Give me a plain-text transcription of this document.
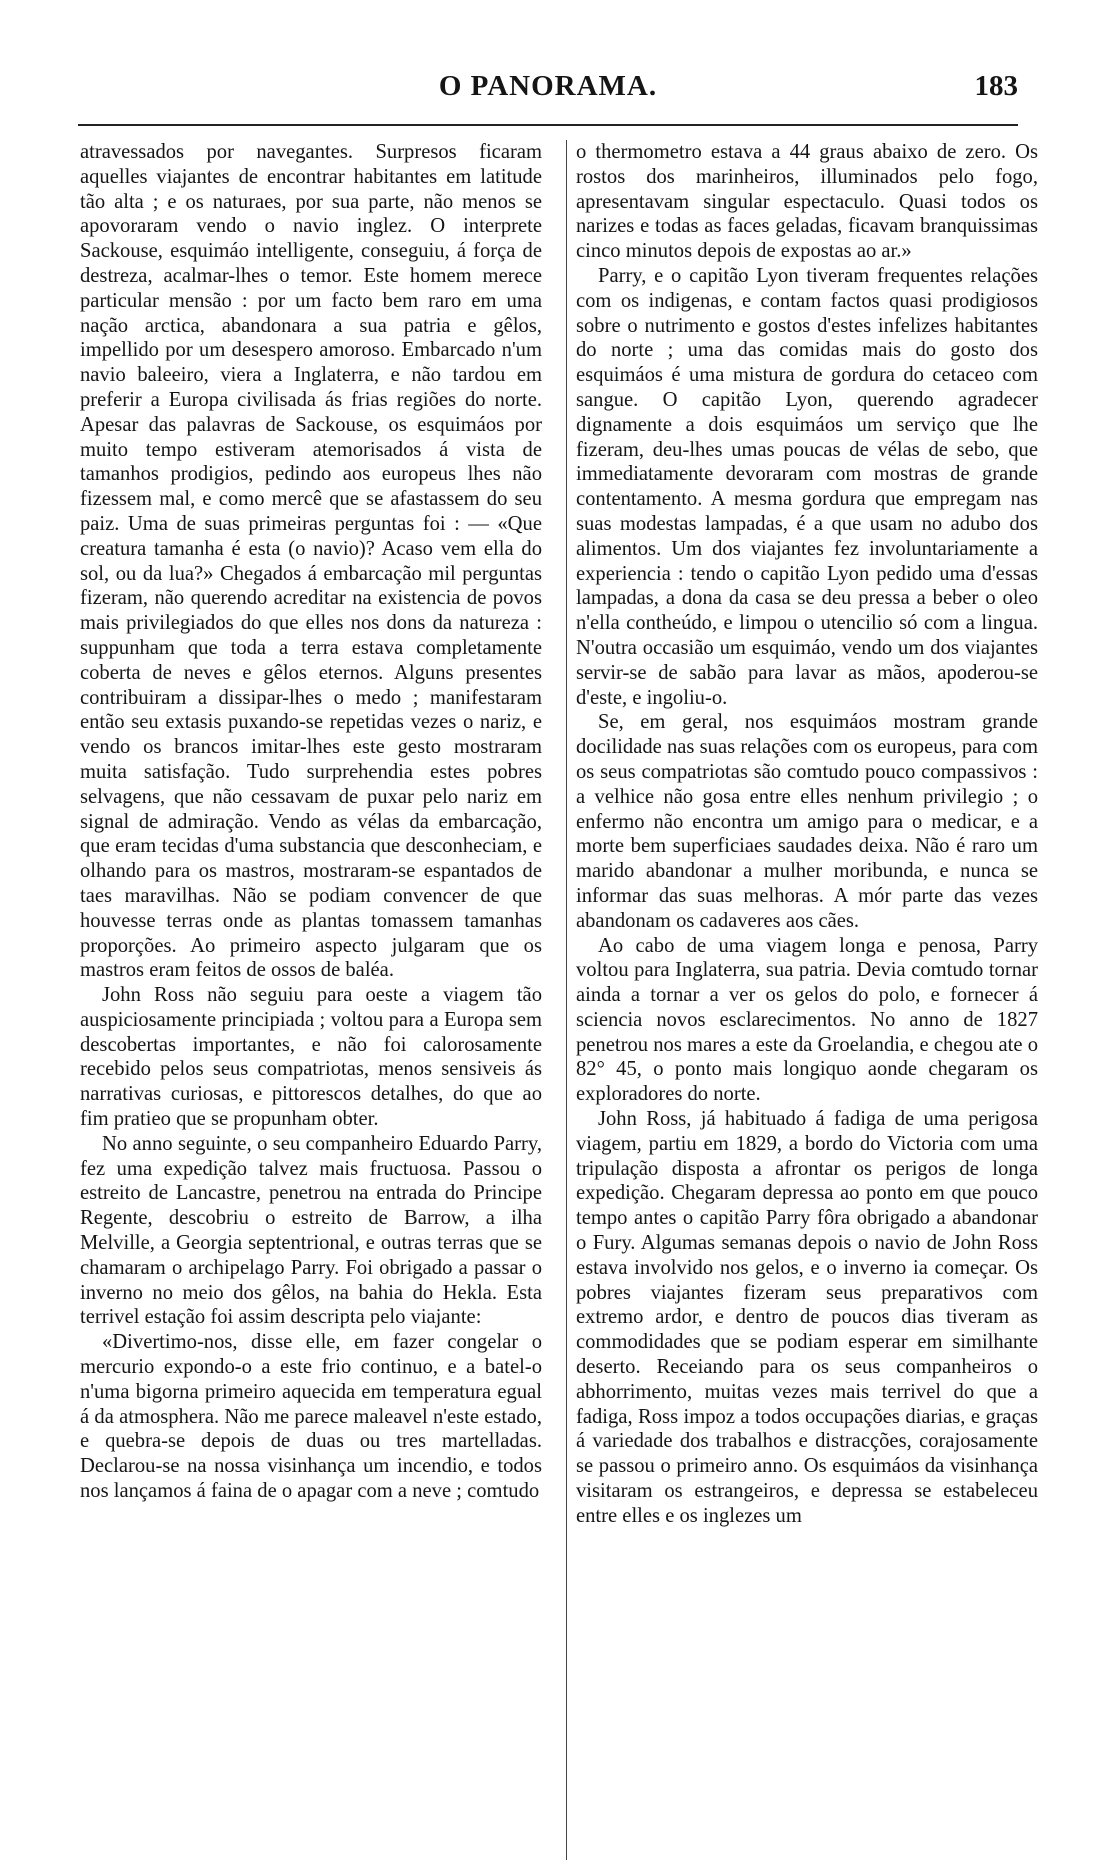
O PANORAMA.	183

atravessados por navegantes. Surpresos ficaram aquelles viajantes de encontrar habitantes em latitude tão alta ; e os naturaes, por sua parte, não menos se apovoraram vendo o navio inglez. O interprete Sackouse, esquimáo intelligente, conseguiu, á força de destreza, acalmar-lhes o temor. Este homem merece particular mensão : por um facto bem raro em uma nação arctica, abandonara a sua patria e gêlos, impellido por um desespero amoroso. Embarcado n'um navio baleeiro, viera a Inglaterra, e não tardou em preferir a Europa civilisada ás frias regiões do norte. Apesar das palavras de Sackouse, os esquimáos por muito tempo estiveram atemorisados á vista de tamanhos prodigios, pedindo aos europeus lhes não fizessem mal, e como mercê que se afastassem do seu paiz. Uma de suas primeiras perguntas foi : — «Que creatura tamanha é esta (o navio)? Acaso vem ella do sol, ou da lua?» Chegados á embarcação mil perguntas fizeram, não querendo acreditar na existencia de povos mais privilegiados do que elles nos dons da natureza : suppunham que toda a terra estava completamente coberta de neves e gêlos eternos. Alguns presentes contribuiram a dissipar-lhes o medo ; manifestaram então seu extasis puxando-se repetidas vezes o nariz, e vendo os brancos imitar-lhes este gesto mostraram muita satisfação. Tudo surprehendia estes pobres selvagens, que não cessavam de puxar pelo nariz em signal de admiração. Vendo as vélas da embarcação, que eram tecidas d'uma substancia que desconheciam, e olhando para os mastros, mostraram-se espantados de taes maravilhas. Não se podiam convencer de que houvesse terras onde as plantas tomassem tamanhas proporções. Ao primeiro aspecto julgaram que os mastros eram feitos de ossos de baléa.

John Ross não seguiu para oeste a viagem tão auspiciosamente principiada ; voltou para a Europa sem descobertas importantes, e não foi calorosamente recebido pelos seus compatriotas, menos sensiveis ás narrativas curiosas, e pittorescos detalhes, do que ao fim pratieo que se propunham obter.

No anno seguinte, o seu companheiro Eduardo Parry, fez uma expedição talvez mais fructuosa. Passou o estreito de Lancastre, penetrou na entrada do Principe Regente, descobriu o estreito de Barrow, a ilha Melville, a Georgia septentrional, e outras terras que se chamaram o archipelago Parry. Foi obrigado a passar o inverno no meio dos gêlos, na bahia do Hekla. Esta terrivel estação foi assim descripta pelo viajante:

«Divertimo-nos, disse elle, em fazer congelar o mercurio expondo-o a este frio continuo, e a batel-o n'uma bigorna primeiro aquecida em temperatura egual á da atmosphera. Não me parece maleavel n'este estado, e quebra-se depois de duas ou tres martelladas. Declarou-se na nossa visinhança um incendio, e todos nos lançamos á faina de o apagar com a neve ; comtudo

o thermometro estava a 44 graus abaixo de zero. Os rostos dos marinheiros, illuminados pelo fogo, apresentavam singular espectaculo. Quasi todos os narizes e todas as faces geladas, ficavam branquissimas cinco minutos depois de expostas ao ar.»

Parry, e o capitão Lyon tiveram frequentes relações com os indigenas, e contam factos quasi prodigiosos sobre o nutrimento e gostos d'estes infelizes habitantes do norte ; uma das comidas mais do gosto dos esquimáos é uma mistura de gordura do cetaceo com sangue. O capitão Lyon, querendo agradecer dignamente a dois esquimáos um serviço que lhe fizeram, deu-lhes umas poucas de vélas de sebo, que immediatamente devoraram com mostras de grande contentamento. A mesma gordura que empregam nas suas modestas lampadas, é a que usam no adubo dos alimentos. Um dos viajantes fez involuntariamente a experiencia : tendo o capitão Lyon pedido uma d'essas lampadas, a dona da casa se deu pressa a beber o oleo n'ella contheúdo, e limpou o utencilio só com a lingua. N'outra occasião um esquimáo, vendo um dos viajantes servir-se de sabão para lavar as mãos, apoderou-se d'este, e ingoliu-o.

Se, em geral, nos esquimáos mostram grande docilidade nas suas relações com os europeus, para com os seus compatriotas são comtudo pouco compassivos : a velhice não gosa entre elles nenhum privilegio ; o enfermo não encontra um amigo para o medicar, e a morte bem superficiaes saudades deixa. Não é raro um marido abandonar a mulher moribunda, e nunca se informar das suas melhoras. A mór parte das vezes abandonam os cadaveres aos cães.

Ao cabo de uma viagem longa e penosa, Parry voltou para Inglaterra, sua patria. Devia comtudo tornar ainda a tornar a ver os gelos do polo, e fornecer á sciencia novos esclarecimentos. No anno de 1827 penetrou nos mares a este da Groelandia, e chegou ate o 82° 45, o ponto mais longiquo aonde chegaram os exploradores do norte.

John Ross, já habituado á fadiga de uma perigosa viagem, partiu em 1829, a bordo do Victoria com uma tripulação disposta a afrontar os perigos de longa expedição. Chegaram depressa ao ponto em que pouco tempo antes o capitão Parry fôra obrigado a abandonar o Fury. Algumas semanas depois o navio de John Ross estava involvido nos gelos, e o inverno ia começar. Os pobres viajantes fizeram seus preparativos com extremo ardor, e dentro de poucos dias tiveram as commodidades que se podiam esperar em similhante deserto. Receiando para os seus companheiros o abhorrimento, muitas vezes mais terrivel do que a fadiga, Ross impoz a todos occupações diarias, e graças á variedade dos trabalhos e distracções, corajosamente se passou o primeiro anno. Os esquimáos da visinhança visitaram os estrangeiros, e depressa se estabeleceu entre elles e os inglezes um
